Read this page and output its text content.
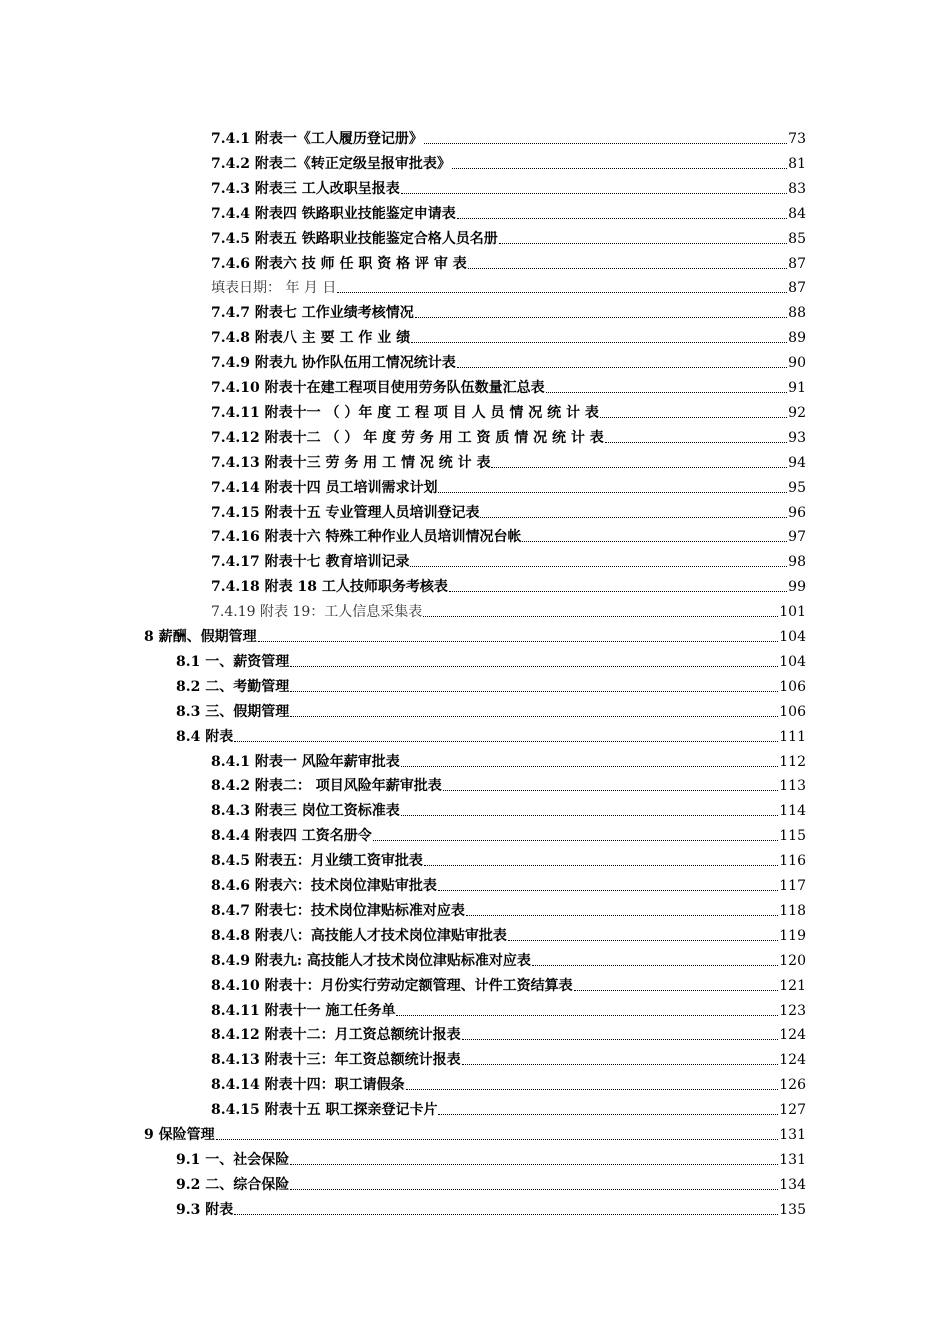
7.4.1 附表一《工人履历登记册》	73
7.4.2 附表二《转正定级呈报审批表》	81
7.4.3 附表三 工人改职呈报表	83
7.4.4 附表四 铁路职业技能鉴定申请表	84
7.4.5 附表五 铁路职业技能鉴定合格人员名册	85
7.4.6 附表六 技 师 任 职 资 格 评 审 表	87
填表日期： 年 月 日	87
7.4.7 附表七 工作业绩考核情况	88
7.4.8 附表八 主 要 工 作 业 绩	89
7.4.9 附表九 协作队伍用工情况统计表	90
7.4.10 附表十在建工程项目使用劳务队伍数量汇总表	91
7.4.11 附表十一 （ ）年 度 工 程 项 目 人 员 情 况 统 计 表	92
7.4.12 附表十二 （ ） 年 度 劳 务 用 工 资 质 情 况 统 计 表	93
7.4.13 附表十三 劳 务 用 工 情 况 统 计 表	94
7.4.14 附表十四 员工培训需求计划	95
7.4.15 附表十五 专业管理人员培训登记表	96
7.4.16 附表十六 特殊工种作业人员培训情况台帐	97
7.4.17 附表十七 教育培训记录	98
7.4.18 附表 18 工人技师职务考核表	99
7.4.19 附表 19：工人信息采集表	101
8 薪酬、假期管理	104
8.1 一、薪资管理	104
8.2 二、考勤管理	106
8.3 三、假期管理	106
8.4 附表	111
8.4.1 附表一 风险年薪审批表	112
8.4.2 附表二： 项目风险年薪审批表	113
8.4.3 附表三 岗位工资标准表	114
8.4.4 附表四 工资名册令	115
8.4.5 附表五：月业绩工资审批表	116
8.4.6 附表六：技术岗位津贴审批表	117
8.4.7 附表七：技术岗位津贴标准对应表	118
8.4.8 附表八：高技能人才技术岗位津贴审批表	119
8.4.9 附表九: 高技能人才技术岗位津贴标准对应表	120
8.4.10 附表十：月份实行劳动定额管理、计件工资结算表	121
8.4.11 附表十一 施工任务单	123
8.4.12 附表十二：月工资总额统计报表	124
8.4.13 附表十三：年工资总额统计报表	124
8.4.14 附表十四：职工请假条	126
8.4.15 附表十五 职工探亲登记卡片	127
9 保险管理	131
9.1 一、社会保险	131
9.2 二、综合保险	134
9.3 附表	135
